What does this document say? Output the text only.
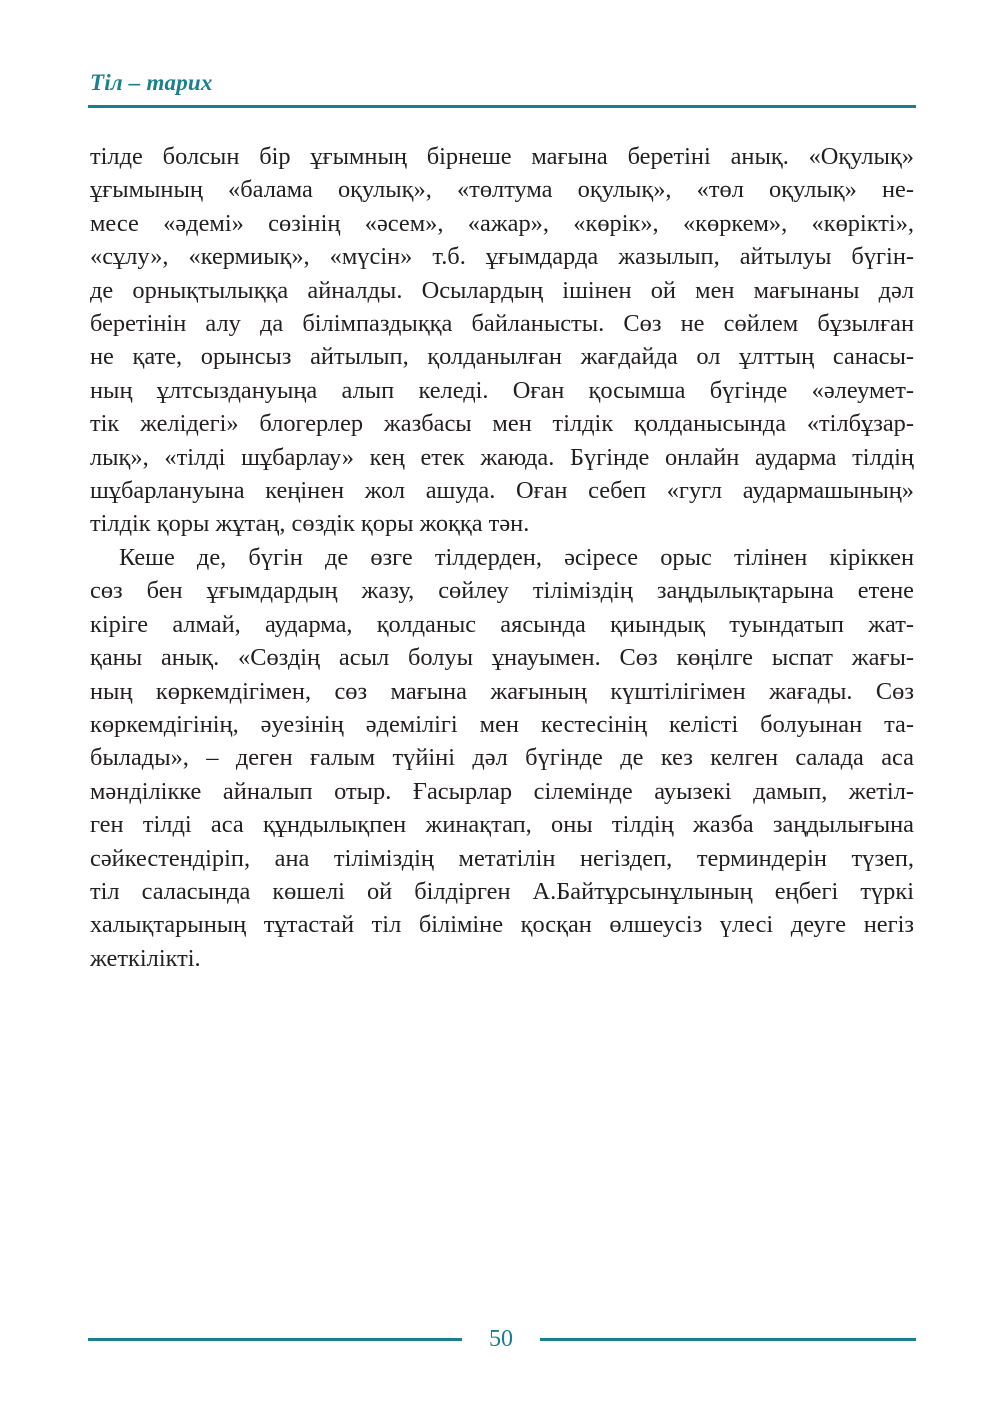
Тіл – тарих
тілде болсын бір ұғымның бірнеше мағына беретіні анық. «Оқулық»
ұғымының «балама оқулық», «төлтума оқулық», «төл оқулық» не-
месе «әдемі» сөзінің «әсем», «ажар», «көрік», «көркем», «көрікті»,
«сұлу», «кермиық», «мүсін» т.б. ұғымдарда жазылып, айтылуы бүгін-
де орнықтылыққа айналды. Осылардың ішінен ой мен мағынаны дәл
беретінін алу да білімпаздыққа байланысты. Сөз не сөйлем бұзылған
не қате, орынсыз айтылып, қолданылған жағдайда ол ұлттың санасы-
ның ұлтсыздануыңа алып келеді. Оған қосымша бүгінде «әлеумет-
тік желідегі» блогерлер жазбасы мен тілдік қолданысында «тілбұзар-
лық», «тілді шұбарлау» кең етек жаюда. Бүгінде онлайн аударма тілдің
шұбарлануына кеңінен жол ашуда. Оған себеп «гугл аудармашының»
тілдік қоры жұтаң, сөздік қоры жоққа тән.
Кеше де, бүгін де өзге тілдерден, әсіресе орыс тілінен кіріккен
сөз бен ұғымдардың жазу, сөйлеу тіліміздің заңдылықтарына етене
кіріге алмай, аударма, қолданыс аясында қиындық туындатып жат-
қаны анық. «Сөздің асыл болуы ұнауымен. Сөз көңілге ыспат жағы-
ның көркемдігімен, сөз мағына жағының күштілігімен жағады. Сөз
көркемдігінің, әуезінің әдемілігі мен кестесінің келісті болуынан та-
былады», – деген ғалым түйіні дәл бүгінде де кез келген салада аса
мәнділікке айналып отыр. Ғасырлар сілемінде ауызекі дамып, жетіл-
ген тілді аса құндылықпен жинақтап, оны тілдің жазба заңдылығына
сәйкестендіріп, ана тіліміздің метатілін негіздеп, терминдерін түзеп,
тіл саласында көшелі ой білдірген А.Байтұрсынұлының еңбегі түркі
халықтарының тұтастай тіл біліміне қосқан өлшеусіз үлесі деуге негіз
жеткілікті.
50
